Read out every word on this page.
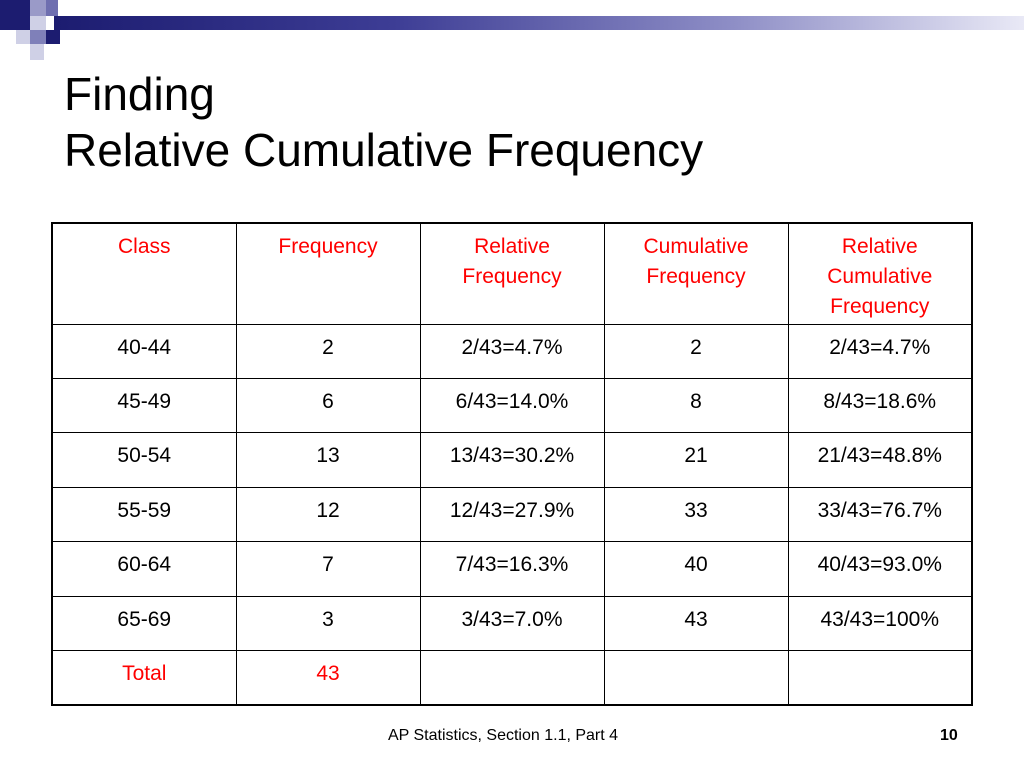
Finding
Relative Cumulative Frequency
Class	Frequency	Relative Frequency	Cumulative Frequency	Relative Cumulative Frequency
40-44	2	2/43=4.7%	2	2/43=4.7%
45-49	6	6/43=14.0%	8	8/43=18.6%
50-54	13	13/43=30.2%	21	21/43=48.8%
55-59	12	12/43=27.9%	33	33/43=76.7%
60-64	7	7/43=16.3%	40	40/43=93.0%
65-69	3	3/43=7.0%	43	43/43=100%
Total	43			
AP Statistics, Section 1.1, Part 4	10
